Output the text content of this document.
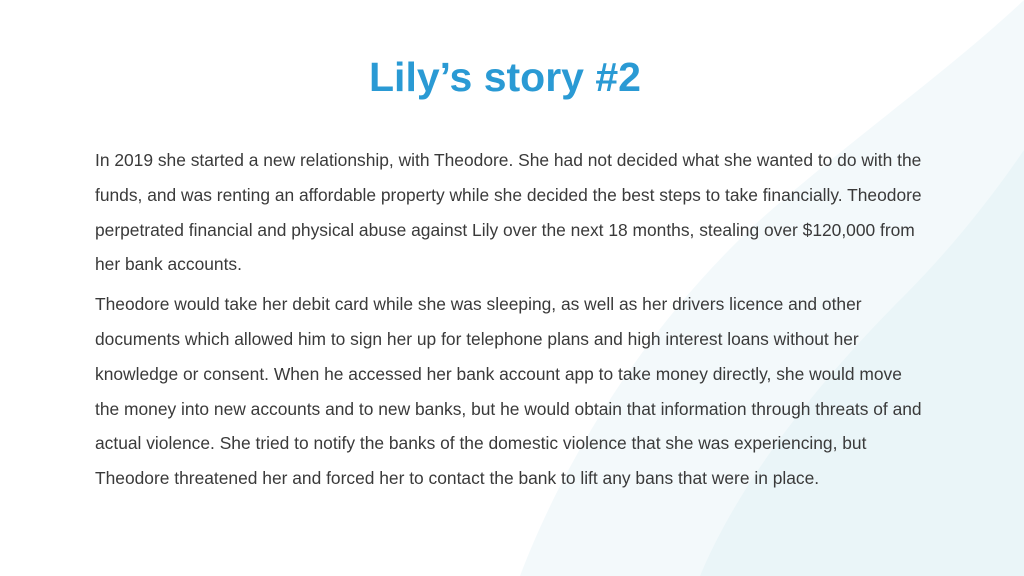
Lily’s story #2

In 2019 she started a new relationship, with Theodore. She had not decided what she wanted to do with the funds, and was renting an affordable property while she decided the best steps to take financially. Theodore perpetrated financial and physical abuse against Lily over the next 18 months, stealing over $120,000 from her bank accounts.

Theodore would take her debit card while she was sleeping, as well as her drivers licence and other documents which allowed him to sign her up for telephone plans and high interest loans without her knowledge or consent. When he accessed her bank account app to take money directly, she would move the money into new accounts and to new banks, but he would obtain that information through threats of and actual violence. She tried to notify the banks of the domestic violence that she was experiencing, but Theodore threatened her and forced her to contact the bank to lift any bans that were in place.
